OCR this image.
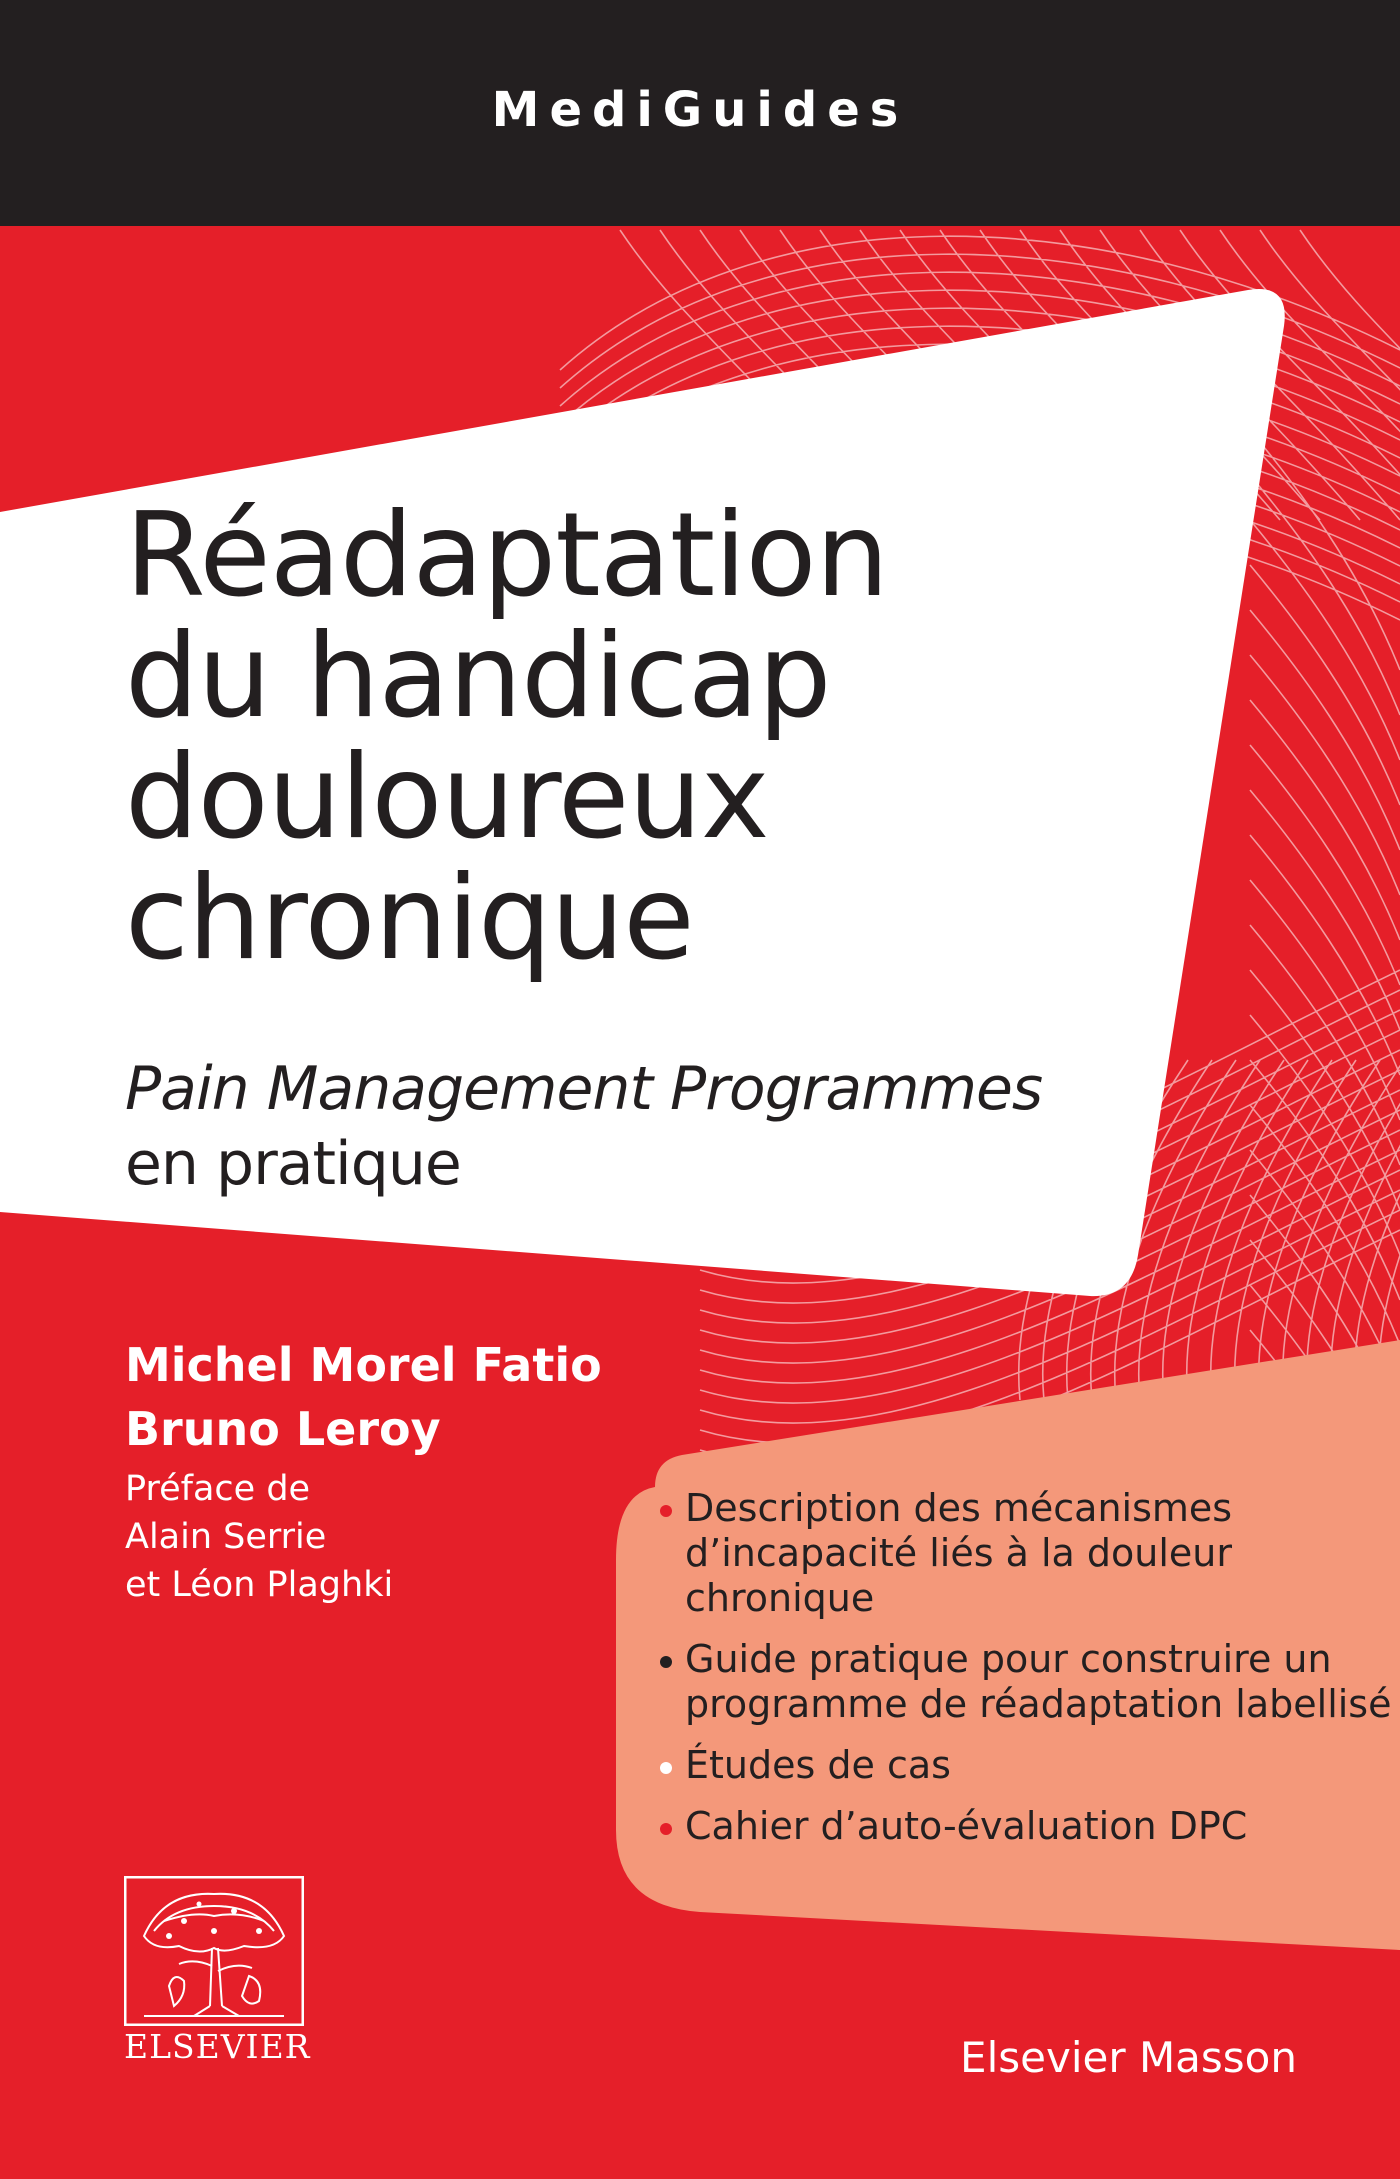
MediGuides
Réadaptation
du handicap
douloureux
chronique
Pain Management Programmes
en pratique
Michel Morel Fatio
Bruno Leroy
Préface de
Alain Serrie
et Léon Plaghki
Description des mécanismes
d’incapacité liés à la douleur
chronique
Guide pratique pour construire un
programme de réadaptation labellisé
Études de cas
Cahier d’auto-évaluation DPC
ELSEVIER	Elsevier Masson
